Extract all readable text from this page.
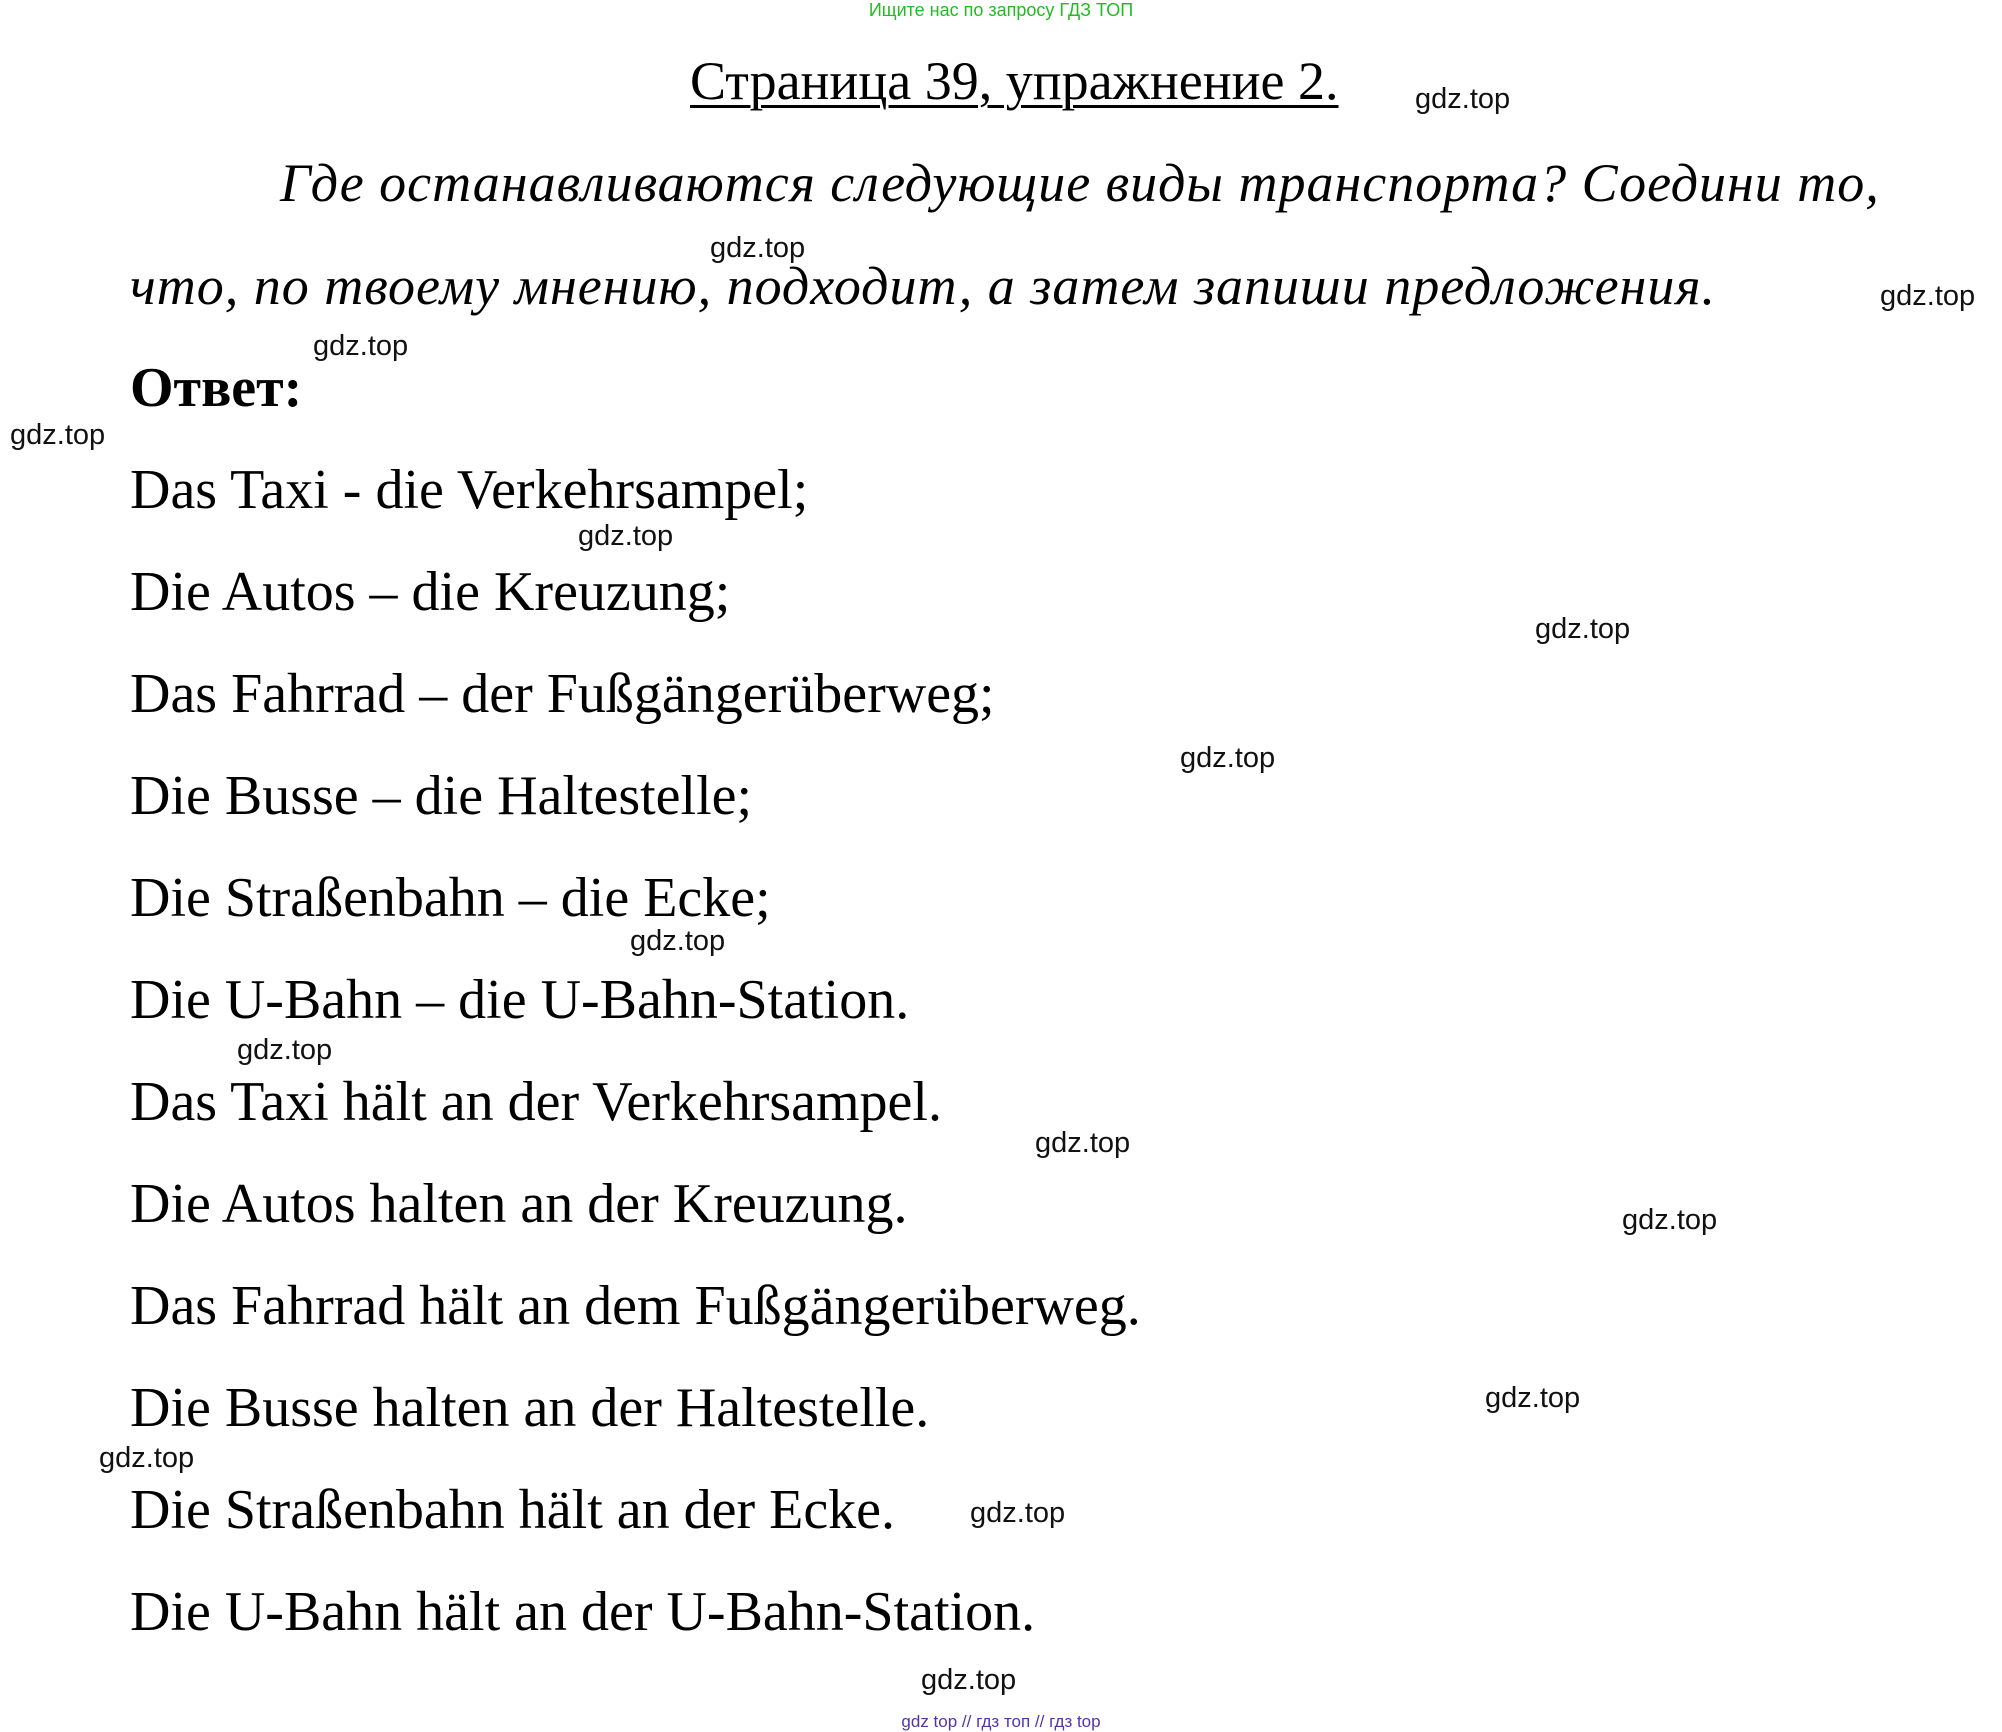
Ищите нас по запросу ГДЗ ТОП
Страница 39, упражнение 2.
Где останавливаются следующие виды транспорта? Соедини то,
что, по твоему мнению, подходит, а затем запиши предложения.
Ответ:
Das Taxi - die Verkehrsampel;
Die Autos – die Kreuzung;
Das Fahrrad – der Fußgängerüberweg;
Die Busse – die Haltestelle;
Die Straßenbahn – die Ecke;
Die U-Bahn – die U-Bahn-Station.
Das Taxi hält an der Verkehrsampel.
Die Autos halten an der Kreuzung.
Das Fahrrad hält an dem Fußgängerüberweg.
Die Busse halten an der Haltestelle.
Die Straßenbahn hält an der Ecke.
Die U-Bahn hält an der U-Bahn-Station.
gdz.top
gdz.top
gdz.top
gdz.top
gdz.top
gdz.top
gdz.top
gdz.top
gdz.top
gdz.top
gdz.top
gdz.top
gdz.top
gdz.top
gdz.top
gdz.top
gdz top // гдз топ // гдз top
